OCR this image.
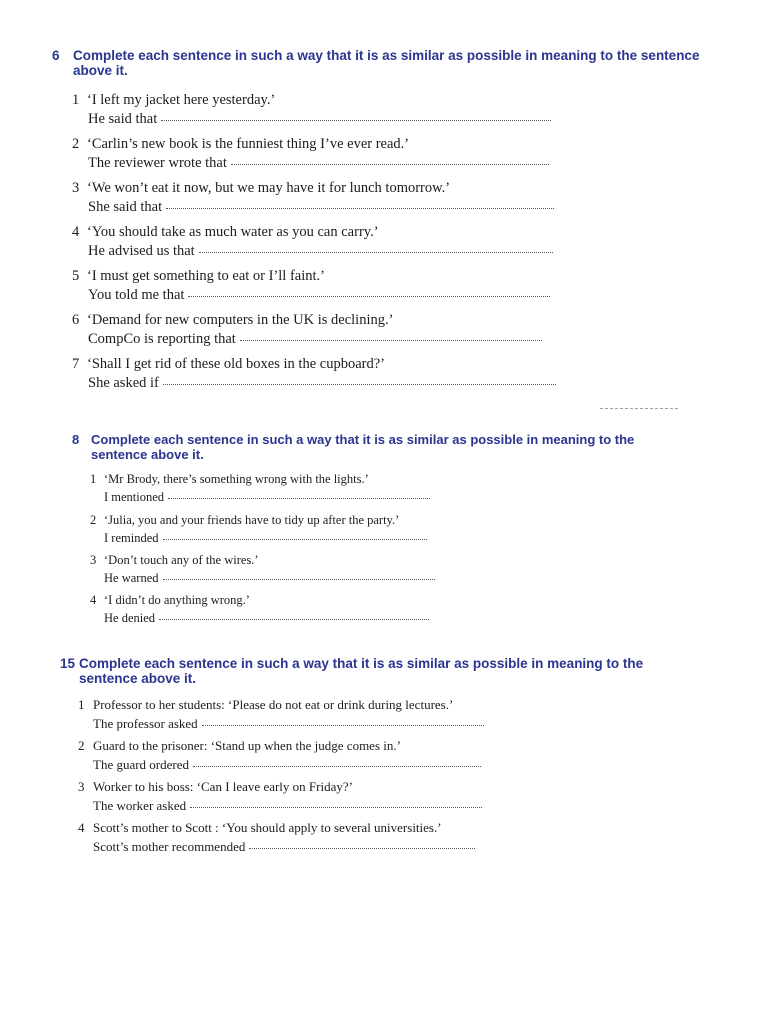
6 Complete each sentence in such a way that it is as similar as possible in meaning to the sentence above it.
1 ‘I left my jacket here yesterday.’
He said that
2 ‘Carlin’s new book is the funniest thing I’ve ever read.’
The reviewer wrote that
3 ‘We won’t eat it now, but we may have it for lunch tomorrow.’
She said that
4 ‘You should take as much water as you can carry.’
He advised us that
5 ‘I must get something to eat or I’ll faint.’
You told me that
6 ‘Demand for new computers in the UK is declining.’
CompCo is reporting that
7 ‘Shall I get rid of these old boxes in the cupboard?’
She asked if
8 Complete each sentence in such a way that it is as similar as possible in meaning to the sentence above it.
1 ‘Mr Brody, there’s something wrong with the lights.’
I mentioned
2 ‘Julia, you and your friends have to tidy up after the party.’
I reminded
3 ‘Don’t touch any of the wires.’
He warned
4 ‘I didn’t do anything wrong.’
He denied
15 Complete each sentence in such a way that it is as similar as possible in meaning to the sentence above it.
1 Professor to her students: ‘Please do not eat or drink during lectures.’
The professor asked
2 Guard to the prisoner: ‘Stand up when the judge comes in.’
The guard ordered
3 Worker to his boss: ‘Can I leave early on Friday?’
The worker asked
4 Scott’s mother to Scott : ‘You should apply to several universities.’
Scott’s mother recommended
